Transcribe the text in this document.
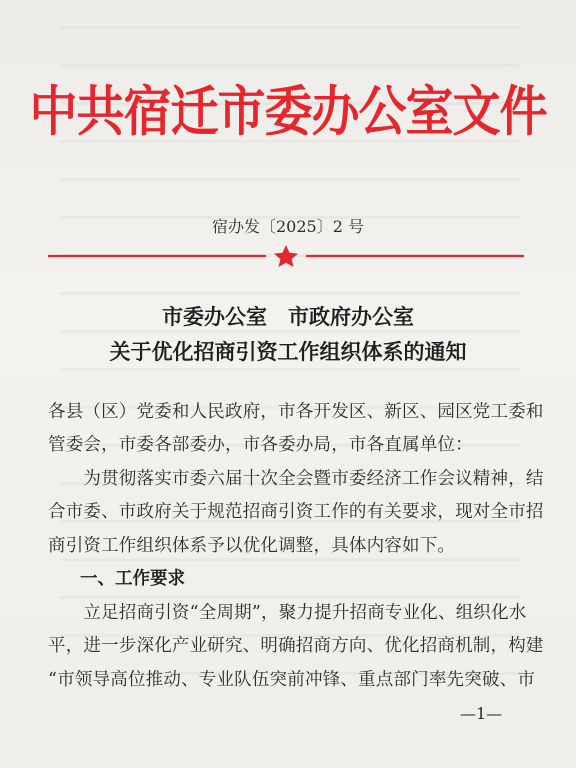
中共宿迁市委办公室文件
宿办发〔2025〕2 号
市委办公室　市政府办公室
关于优化招商引资工作组织体系的通知
各县（区）党委和人民政府，市各开发区、新区、园区党工委和
管委会，市委各部委办，市各委办局，市各直属单位：
　　为贯彻落实市委六届十次全会暨市委经济工作会议精神，结
合市委、市政府关于规范招商引资工作的有关要求，现对全市招
商引资工作组织体系予以优化调整，具体内容如下。
一、工作要求
　　立足招商引资“全周期”，聚力提升招商专业化、组织化水
平，进一步深化产业研究、明确招商方向、优化招商机制，构建
“市领导高位推动、专业队伍突前冲锋、重点部门率先突破、市
—1—
